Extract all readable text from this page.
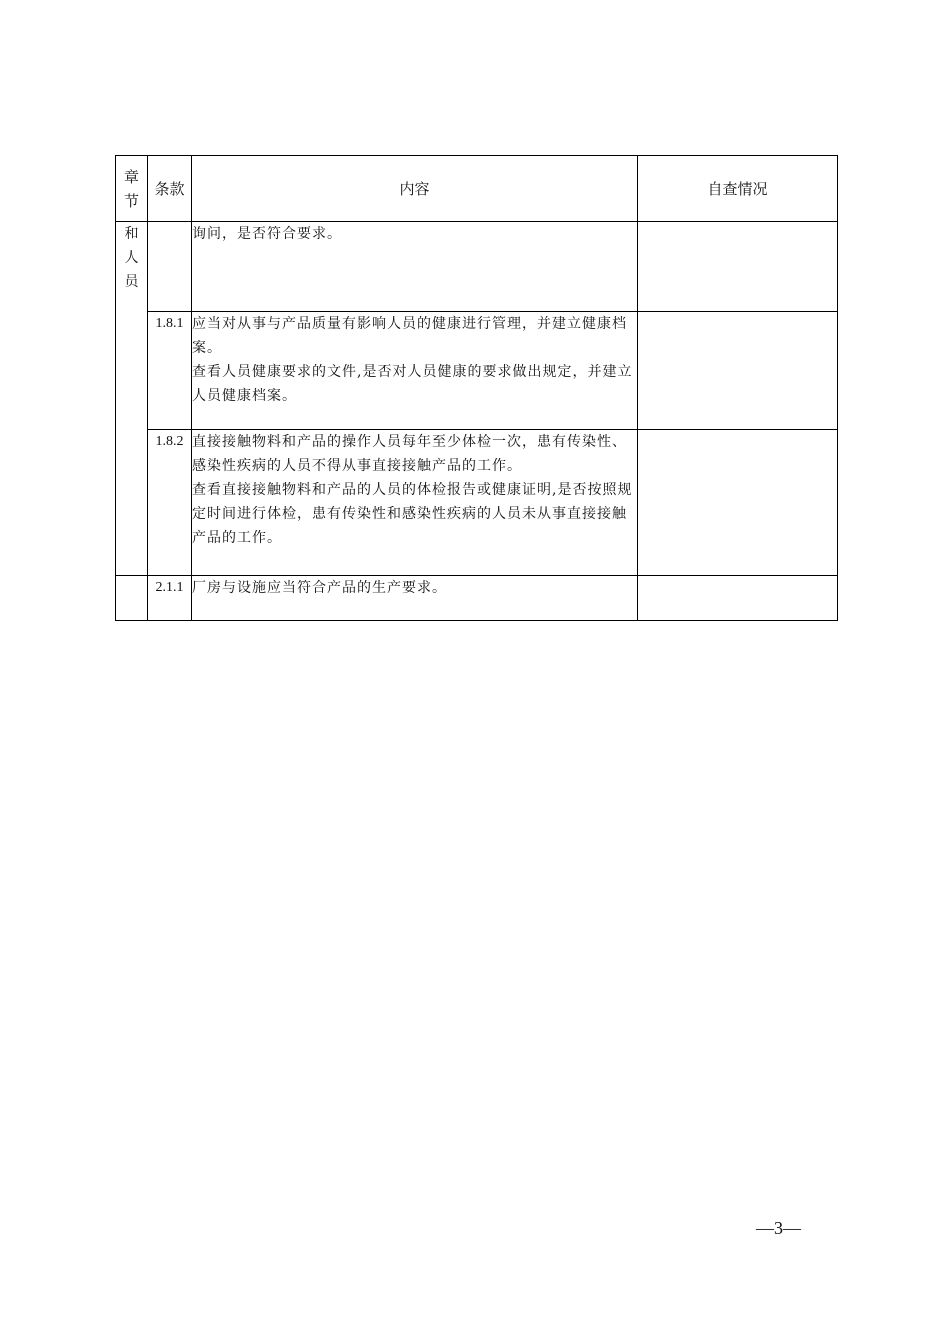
章
节	条款	内容	自查情况

和
人
员		询问，是否符合要求。	

	1.8.1	应当对从事与产品质量有影响人员的健康进行管理，并建立健康档案。

查看人员健康要求的文件,是否对人员健康的要求做出规定，并建立人员健康档案。	

	1.8.2	直接接触物料和产品的操作人员每年至少体检一次，患有传染性、感染性疾病的人员不得从事直接接触产品的工作。

查看直接接触物料和产品的人员的体检报告或健康证明,是否按照规定时间进行体检，患有传染性和感染性疾病的人员未从事直接接触产品的工作。	

	2.1.1	厂房与设施应当符合产品的生产要求。	

—3—
